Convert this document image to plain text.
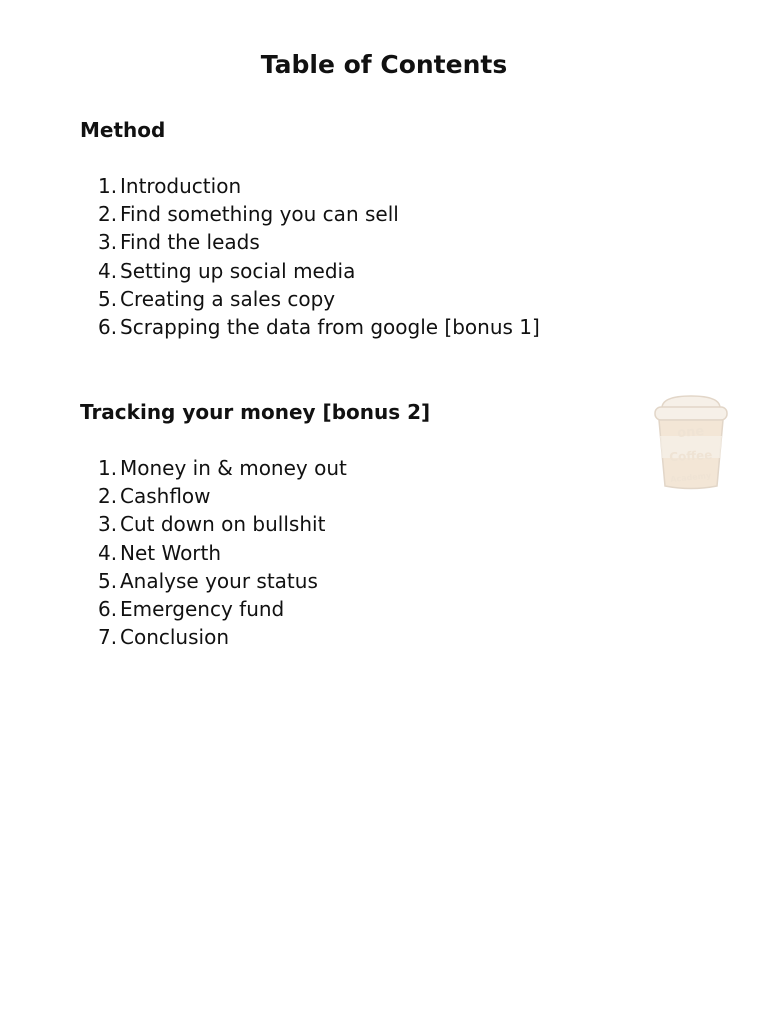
Table of Contents
Method
1. Introduction
2. Find something you can sell
3. Find the leads
4. Setting up social media
5. Creating a sales copy
6. Scrapping the data from google [bonus 1]
Tracking your money [bonus 2]
1. Money in & money out
2. Cashflow
3. Cut down on bullshit
4. Net Worth
5. Analyse your status
6. Emergency fund
7. Conclusion
one
Coffee
Academy
